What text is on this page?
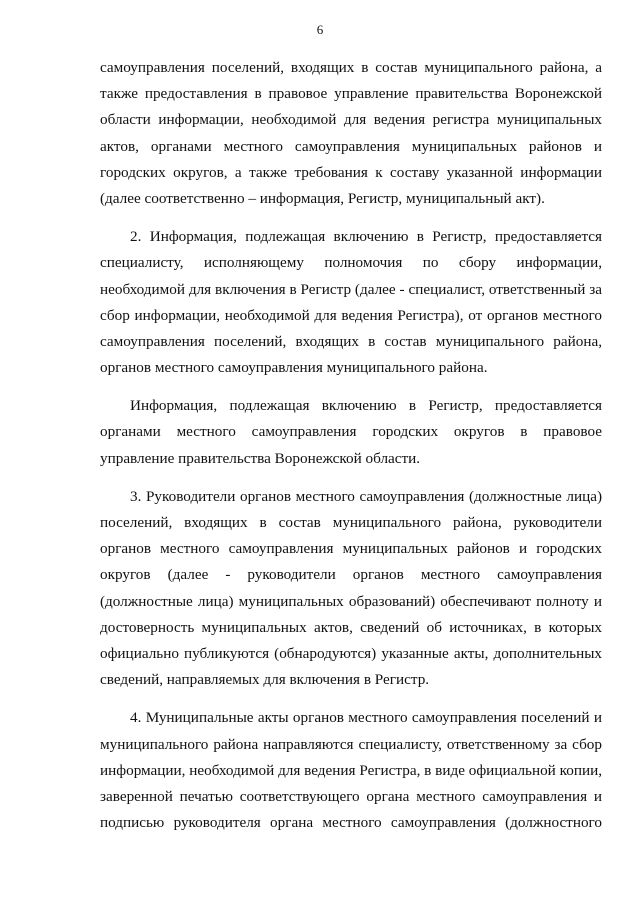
6

самоуправления поселений, входящих в состав муниципального района, а
также предоставления в правовое управление правительства Воронежской
области информации, необходимой для ведения регистра муниципальных
актов, органами местного самоуправления муниципальных районов и
городских округов, а также требования к составу указанной информации
(далее соответственно – информация, Регистр, муниципальный акт).

2. Информация, подлежащая включению в Регистр, предоставляется
специалисту, исполняющему полномочия по сбору информации,
необходимой для включения в Регистр (далее - специалист, ответственный за
сбор информации, необходимой для ведения Регистра), от органов местного
самоуправления поселений, входящих в состав муниципального района,
органов местного самоуправления муниципального района.

Информация, подлежащая включению в Регистр, предоставляется
органами местного самоуправления городских округов в правовое
управление правительства Воронежской области.

3. Руководители органов местного самоуправления (должностные лица)
поселений, входящих в состав муниципального района, руководители
органов местного самоуправления муниципальных районов и городских
округов (далее - руководители органов местного самоуправления
(должностные лица) муниципальных образований) обеспечивают полноту и
достоверность муниципальных актов, сведений об источниках, в которых
официально публикуются (обнародуются) указанные акты, дополнительных
сведений, направляемых для включения в Регистр.

4. Муниципальные акты органов местного самоуправления поселений и
муниципального района направляются специалисту, ответственному за сбор
информации, необходимой для ведения Регистра, в виде официальной копии,
заверенной печатью соответствующего органа местного самоуправления и
подписью руководителя органа местного самоуправления (должностного
